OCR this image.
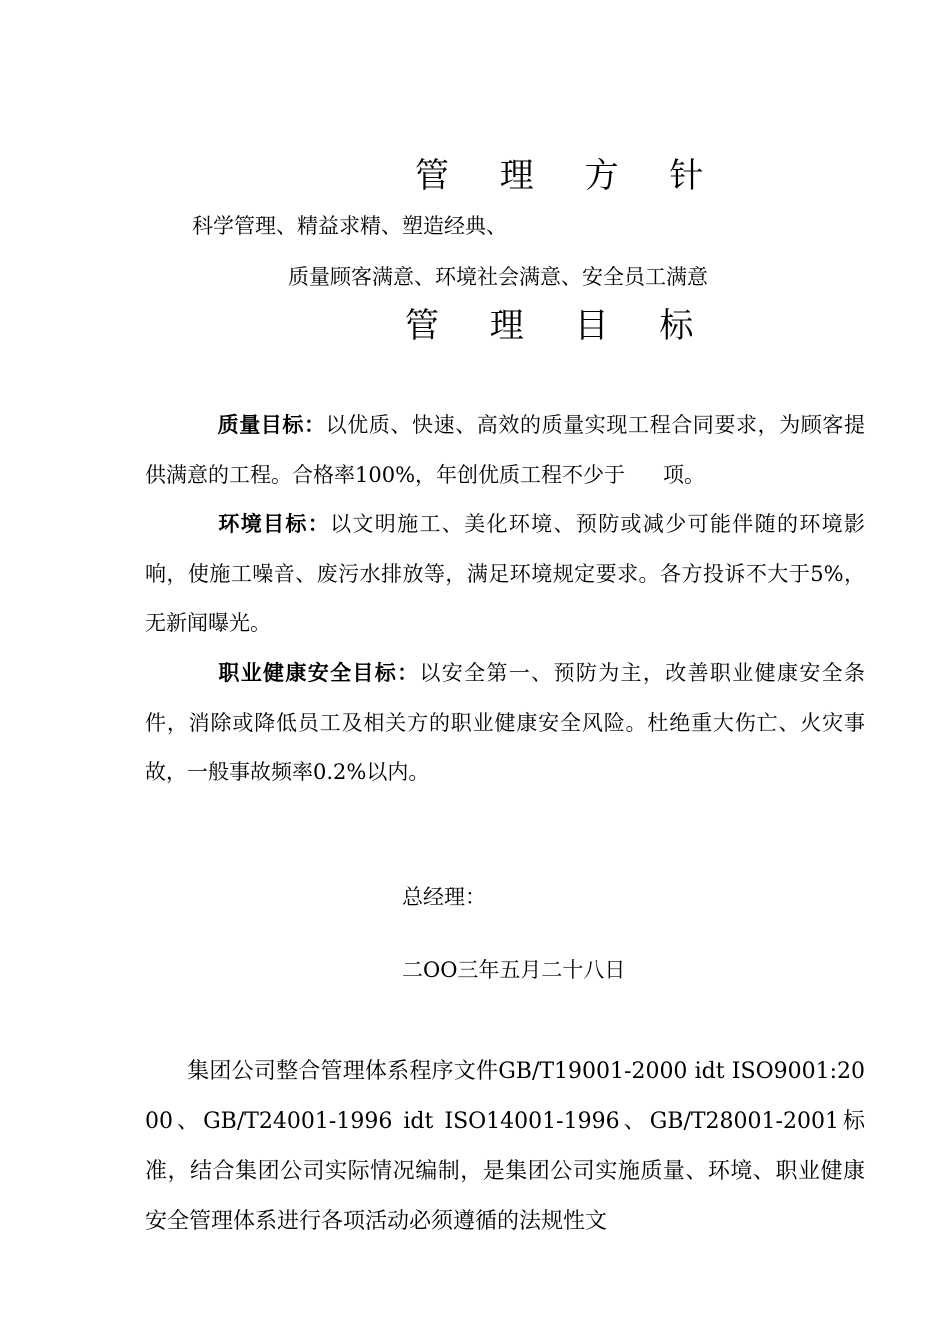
管 理 方 针
科学管理、精益求精、塑造经典、
质量顾客满意、环境社会满意、安全员工满意
管 理 目 标
质量目标：以优质、快速、高效的质量实现工程合同要求，为顾客提供满意的工程。合格率100%，年创优质工程不少于 项。
环境目标：以文明施工、美化环境、预防或减少可能伴随的环境影响，使施工噪音、废污水排放等，满足环境规定要求。各方投诉不大于5%，无新闻曝光。
职业健康安全目标：以安全第一、预防为主，改善职业健康安全条件，消除或降低员工及相关方的职业健康安全风险。杜绝重大伤亡、火灾事故，一般事故频率0.2%以内。
总经理：
二OO三年五月二十八日
集团公司整合管理体系程序文件GB/T19001-2000 idt ISO9001:2000、GB/T24001-1996 idt ISO14001-1996、GB/T28001-2001标准，结合集团公司实际情况编制，是集团公司实施质量、环境、职业健康安全管理体系进行各项活动必须遵循的法规性文
